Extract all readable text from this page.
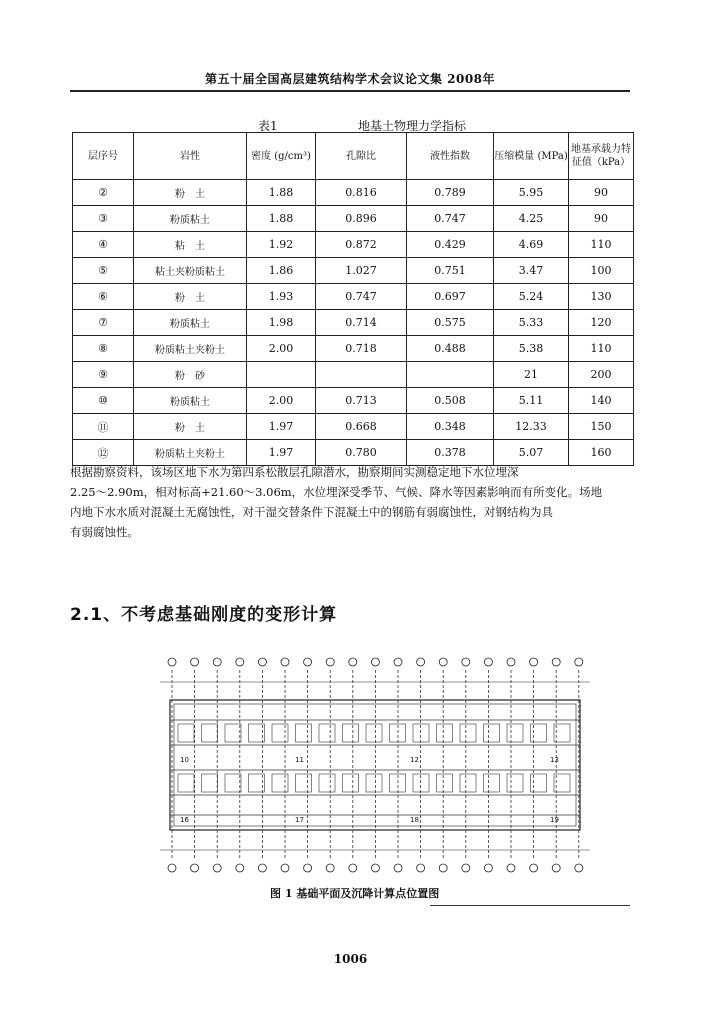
第五十届全国高层建筑结构学术会议论文集 2008年
表1	地基土物理力学指标
层序号	岩性	密度 (g/cm³)	孔隙比	液性指数	压缩模量 (MPa)	地基承载力特征值（kPa）
②	粉　土	1.88	0.816	0.789	5.95	90
③	粉质粘土	1.88	0.896	0.747	4.25	90
④	粘　土	1.92	0.872	0.429	4.69	110
⑤	粘土夹粉质粘土	1.86	1.027	0.751	3.47	100
⑥	粉　土	1.93	0.747	0.697	5.24	130
⑦	粉质粘土	1.98	0.714	0.575	5.33	120
⑧	粉质粘土夹粉土	2.00	0.718	0.488	5.38	110
⑨	粉　砂				21	200
⑩	粉质粘土	2.00	0.713	0.508	5.11	140
⑪	粉　土	1.97	0.668	0.348	12.33	150
⑫	粉质粘土夹粉土	1.97	0.780	0.378	5.07	160

根据勘察资料，该场区地下水为第四系松散层孔隙潜水，勘察期间实测稳定地下水位埋深

2.25～2.90m，相对标高+21.60～3.06m，水位埋深受季节、气候、降水等因素影响而有所变化。场地

内地下水水质对混凝土无腐蚀性，对干湿交替条件下混凝土中的钢筋有弱腐蚀性，对钢结构为具

有弱腐蚀性。

2.1、不考虑基础刚度的变形计算
16	17	18	19
10	11	12	13
图 1 基础平面及沉降计算点位置图
1006
